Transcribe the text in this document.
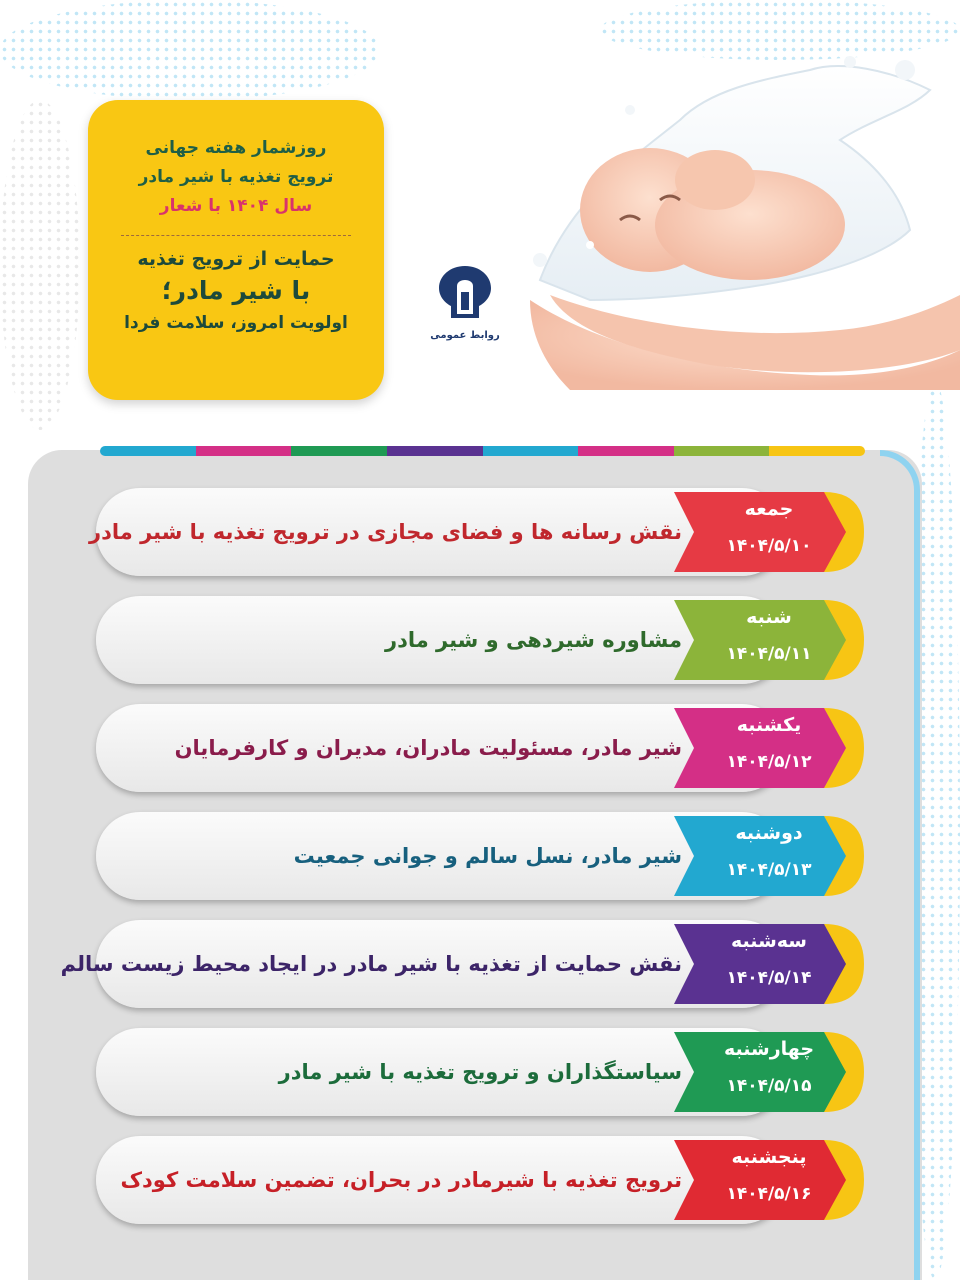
روزشمار هفته جهانی
ترویج تغذیه با شیر مادر
سال ۱۴۰۴ با شعار
حمایت از ترویج تغذیه
با شیر مادر؛
اولویت امروز، سلامت فردا
روابط عمومی
نقش رسانه ها و فضای مجازی در ترویج تغذیه با شیر مادر
جمعه
۱۴۰۴/۵/۱۰
مشاوره شیردهی و شیر مادر
شنبه
۱۴۰۴/۵/۱۱
شیر مادر، مسئولیت مادران، مدیران و کارفرمایان
یکشنبه
۱۴۰۴/۵/۱۲
شیر مادر، نسل سالم و جوانی جمعیت
دوشنبه
۱۴۰۴/۵/۱۳
نقش حمایت از تغذیه با شیر مادر در ایجاد محیط زیست سالم
سه‌شنبه
۱۴۰۴/۵/۱۴
سیاستگذاران و ترویج تغذیه با شیر مادر
چهارشنبه
۱۴۰۴/۵/۱۵
ترویج تغذیه با شیرمادر در بحران، تضمین سلامت کودک
پنجشنبه
۱۴۰۴/۵/۱۶
